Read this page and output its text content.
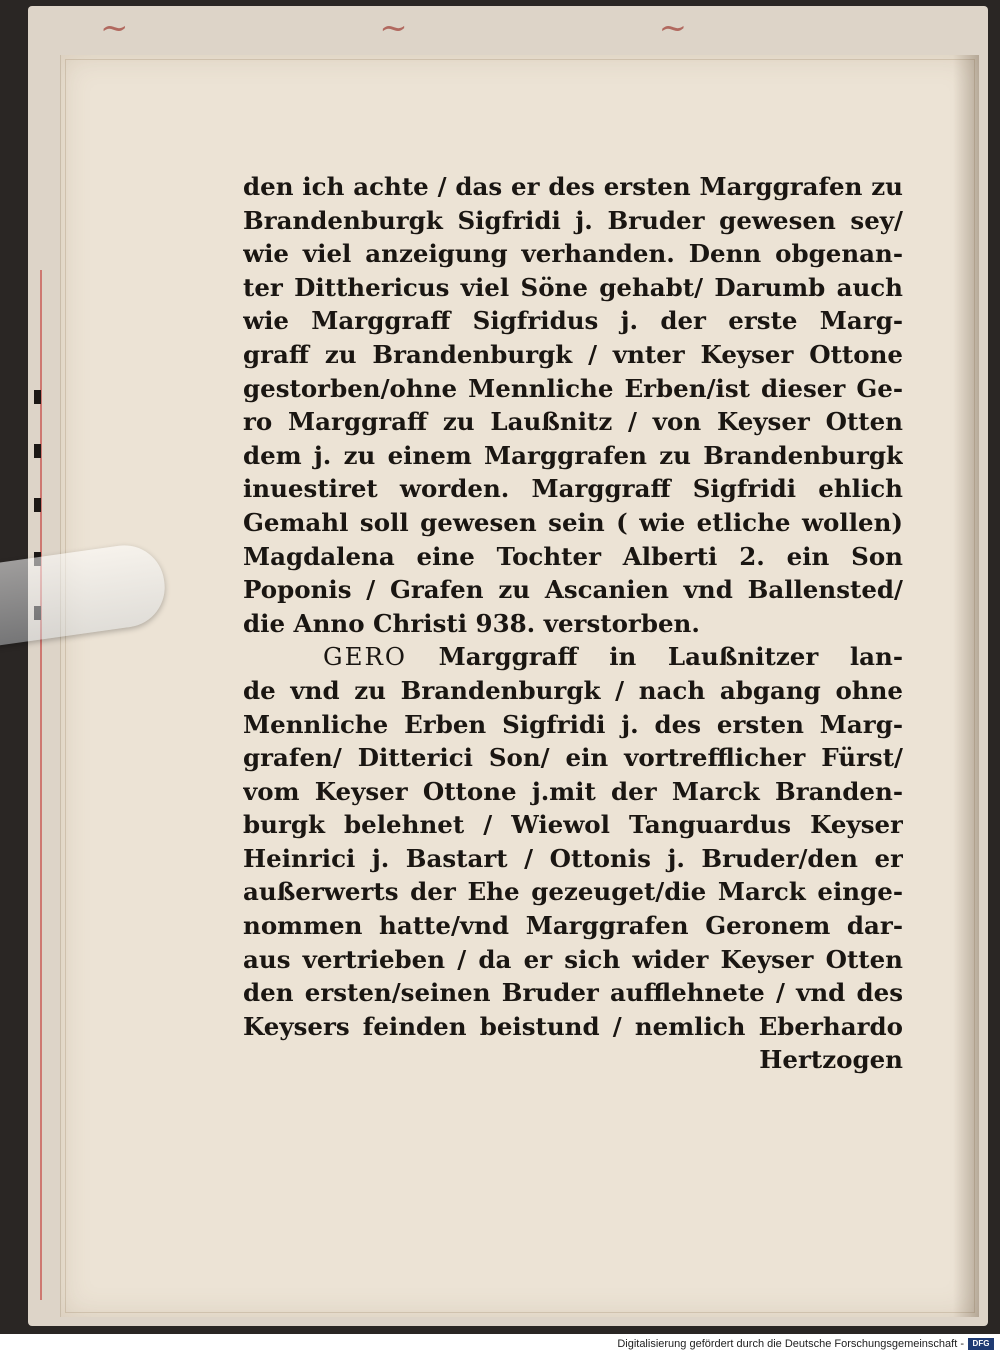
~ ~ ~
den ich achte / das er des ersten Marggrafen zu
Brandenburgk Sigfridi j. Bruder gewesen sey/
wie viel anzeigung verhanden. Denn obgenan-
ter Ditthericus viel Söne gehabt/ Darumb auch
wie Marggraff Sigfridus j. der erste Marg-
graff zu Brandenburgk / vnter Keyser Ottone
gestorben/ohne Mennliche Erben/ist dieser Ge-
ro Marggraff zu Laußnitz / von Keyser Otten
dem j. zu einem Marggrafen zu Brandenburgk
inuestiret worden. Marggraff Sigfridi ehlich
Gemahl soll gewesen sein ( wie etliche wollen)
Magdalena eine Tochter Alberti 2. ein Son
Poponis / Grafen zu Ascanien vnd Ballensted/
die Anno Christi 938. verstorben.
GERO Marggraff in Laußnitzer lan-
de vnd zu Brandenburgk / nach abgang ohne
Mennliche Erben Sigfridi j. des ersten Marg-
grafen/ Ditterici Son/ ein vortrefflicher Fürst/
vom Keyser Ottone j.mit der Marck Branden-
burgk belehnet / Wiewol Tanguardus Keyser
Heinrici j. Bastart / Ottonis j. Bruder/den er
außerwerts der Ehe gezeuget/die Marck einge-
nommen hatte/vnd Marggrafen Geronem dar-
aus vertrieben / da er sich wider Keyser Otten
den ersten/seinen Bruder aufflehnete / vnd des
Keysers feinden beistund / nemlich Eberhardo
Hertzogen
Digitalisierung gefördert durch die Deutsche Forschungsgemeinschaft -	DFG
